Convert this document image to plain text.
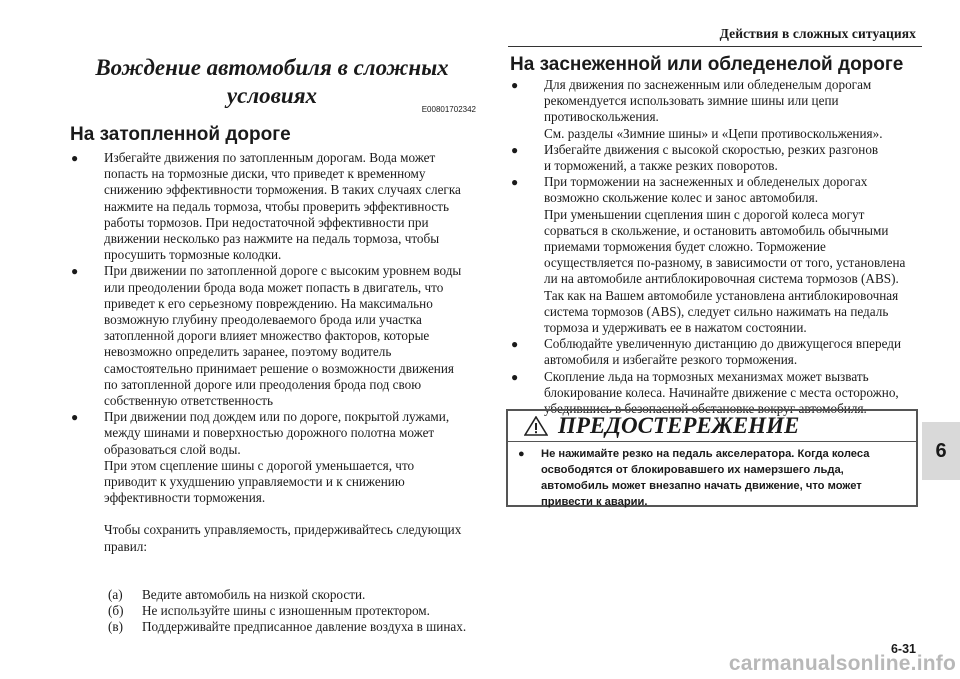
Действия в сложных ситуациях
6
Вождение автомобиля в сложных
условиях
E00801702342
На затопленной дороге
●	Избегайте движения по затопленным дорогам. Вода может
попасть на тормозные диски, что приведет к временному
снижению эффективности торможения. В таких случаях слегка
нажмите на педаль тормоза, чтобы проверить эффективность
работы тормозов. При недостаточной эффективности при
движении несколько раз нажмите на педаль тормоза, чтобы
просушить тормозные колодки.
●	При движении по затопленной дороге с высоким уровнем воды
или преодолении брода вода может попасть в двигатель, что
приведет к его серьезному повреждению. На максимально
возможную глубину преодолеваемого брода или участка
затопленной дороги влияет множество факторов, которые
невозможно определить заранее, поэтому водитель
самостоятельно принимает решение о возможности движения
по затопленной дороге или преодоления брода под свою
собственную ответственность
●	При движении под дождем или по дороге, покрытой лужами,
между шинами и поверхностью дорожного полотна может
образоваться слой воды.
При этом сцепление шины с дорогой уменьшается, что
приводит к ухудшению управляемости и к снижению
эффективности торможения.
Чтобы сохранить управляемость, придерживайтесь следующих
правил:
(а)	Ведите автомобиль на низкой скорости.
(б)	Не используйте шины с изношенным протектором.
(в)	Поддерживайте предписанное давление воздуха в шинах.
На заснеженной или обледенелой дороге
●	Для движения по заснеженным или обледенелым дорогам
рекомендуется использовать зимние шины или цепи
противоскольжения.
См. разделы «Зимние шины» и «Цепи противоскольжения».
●	Избегайте движения с высокой скоростью, резких разгонов
и торможений, а также резких поворотов.
●	При торможении на заснеженных и обледенелых дорогах
возможно скольжение колес и занос автомобиля.
При уменьшении сцепления шин с дорогой колеса могут
сорваться в скольжение, и остановить автомобиль обычными
приемами торможения будет сложно. Торможение
осуществляется по-разному, в зависимости от того, установлена
ли на автомобиле антиблокировочная система тормозов (ABS).
Так как на Вашем автомобиле установлена антиблокировочная
система тормозов (ABS), следует сильно нажимать на педаль
тормоза и удерживать ее в нажатом состоянии.
●	Соблюдайте увеличенную дистанцию до движущегося впереди
автомобиля и избегайте резкого торможения.
●	Скопление льда на тормозных механизмах может вызвать
блокирование колеса. Начинайте движение с места осторожно,
убедившись в безопасной обстановке вокруг автомобиля.
ПРЕДОСТЕРЕЖЕНИЕ
●	Не нажимайте резко на педаль акселератора. Когда колеса
освободятся от блокировавшего их намерзшего льда,
автомобиль может внезапно начать движение, что может
привести к аварии.
6-31
carmanualsonline.info
